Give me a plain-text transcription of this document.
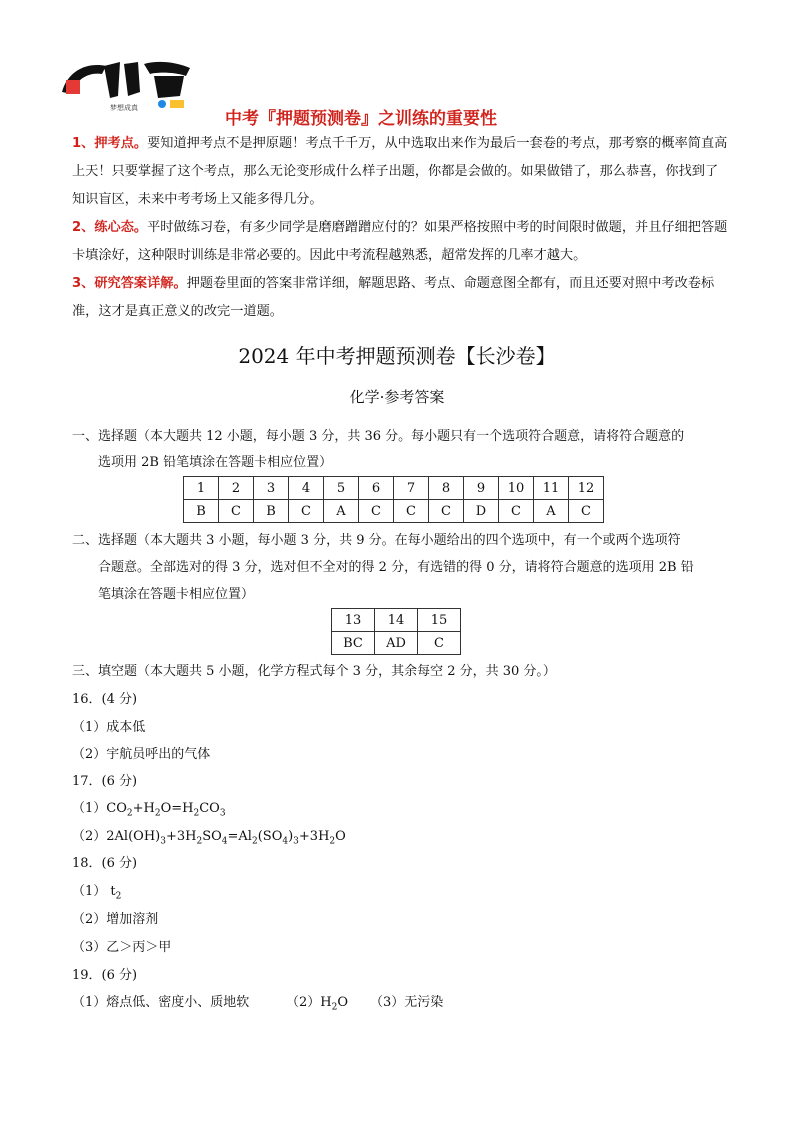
梦想成真
中考『押题预测卷』之训练的重要性

1、押考点。要知道押考点不是押原题！考点千千万，从中选取出来作为最后一套卷的考点，那考察的概率简直高上天！只要掌握了这个考点，那么无论变形成什么样子出题，你都是会做的。如果做错了，那么恭喜，你找到了知识盲区，未来中考考场上又能多得几分。

2、练心态。平时做练习卷，有多少同学是磨磨蹭蹭应付的？如果严格按照中考的时间限时做题，并且仔细把答题卡填涂好，这种限时训练是非常必要的。因此中考流程越熟悉，超常发挥的几率才越大。

3、研究答案详解。押题卷里面的答案非常详细，解题思路、考点、命题意图全都有，而且还要对照中考改卷标准，这才是真正意义的改完一道题。

2024 年中考押题预测卷【长沙卷】
化学·参考答案
一、选择题（本大题共 12 小题，每小题 3 分，共 36 分。每小题只有一个选项符合题意，请将符合题意的
选项用 2B 铅笔填涂在答题卡相应位置）
1	2	3	4	5	6	7	8	9	10	11	12
B	C	B	C	A	C	C	C	D	C	A	C
二、选择题（本大题共 3 小题，每小题 3 分，共 9 分。在每小题给出的四个选项中，有一个或两个选项符
合题意。全部选对的得 3 分，选对但不全对的得 2 分，有选错的得 0 分，请将符合题意的选项用 2B 铅
笔填涂在答题卡相应位置）
13	14	15
BC	AD	C
三、填空题（本大题共 5 小题，化学方程式每个 3 分，其余每空 2 分，共 30 分。）
16．(4 分)
（1）成本低
（2）宇航员呼出的气体
17．(6 分)
$(1)CO_2+H_2O=H_2CO_3$
$(2)2Al(OH)_3+3H_2SO_4=Al_2(SO_4)_3+3H_2O$
18．(6 分)
（1） $t_2$
（2）增加溶剂
（3）乙＞丙＞甲
19．(6 分)
（1）熔点低、密度小、质地软	$(2)H_2O$ （3）无污染
